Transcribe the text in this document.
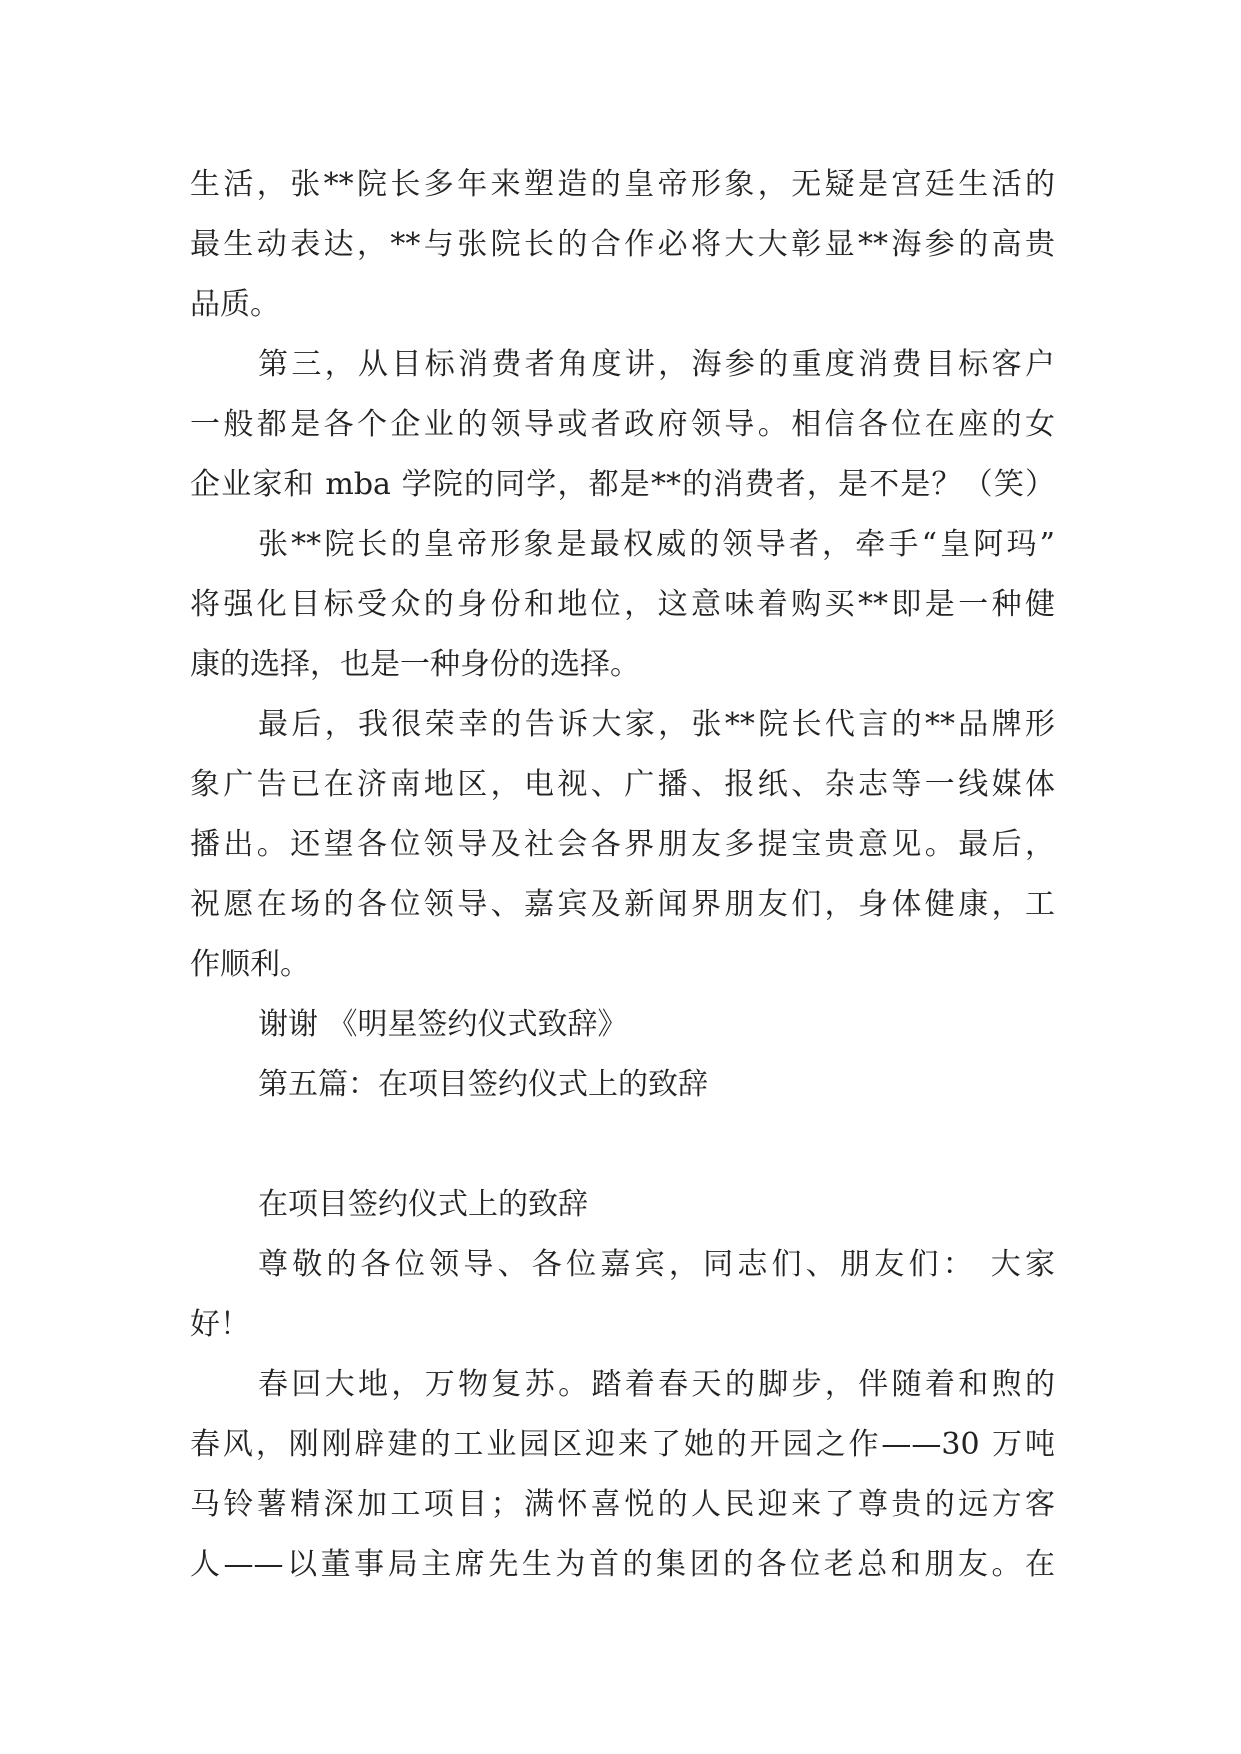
生活，张**院长多年来塑造的皇帝形象，无疑是宫廷生活的
最生动表达，**与张院长的合作必将大大彰显**海参的高贵
品质。
第三，从目标消费者角度讲，海参的重度消费目标客户
一般都是各个企业的领导或者政府领导。相信各位在座的女
企业家和 mba 学院的同学，都是**的消费者，是不是？（笑）
张**院长的皇帝形象是最权威的领导者，牵手“皇阿玛”
将强化目标受众的身份和地位，这意味着购买**即是一种健
康的选择，也是一种身份的选择。
最后，我很荣幸的告诉大家，张**院长代言的**品牌形
象广告已在济南地区，电视、广播、报纸、杂志等一线媒体
播出。还望各位领导及社会各界朋友多提宝贵意见。最后，
祝愿在场的各位领导、嘉宾及新闻界朋友们，身体健康，工
作顺利。
谢谢 《明星签约仪式致辞》
第五篇：在项目签约仪式上的致辞
在项目签约仪式上的致辞
尊敬的各位领导、各位嘉宾，同志们、朋友们： 大家
好！
春回大地，万物复苏。踏着春天的脚步，伴随着和煦的
春风，刚刚辟建的工业园区迎来了她的开园之作——30 万吨
马铃薯精深加工项目；满怀喜悦的人民迎来了尊贵的远方客
人——以董事局主席先生为首的集团的各位老总和朋友。在
